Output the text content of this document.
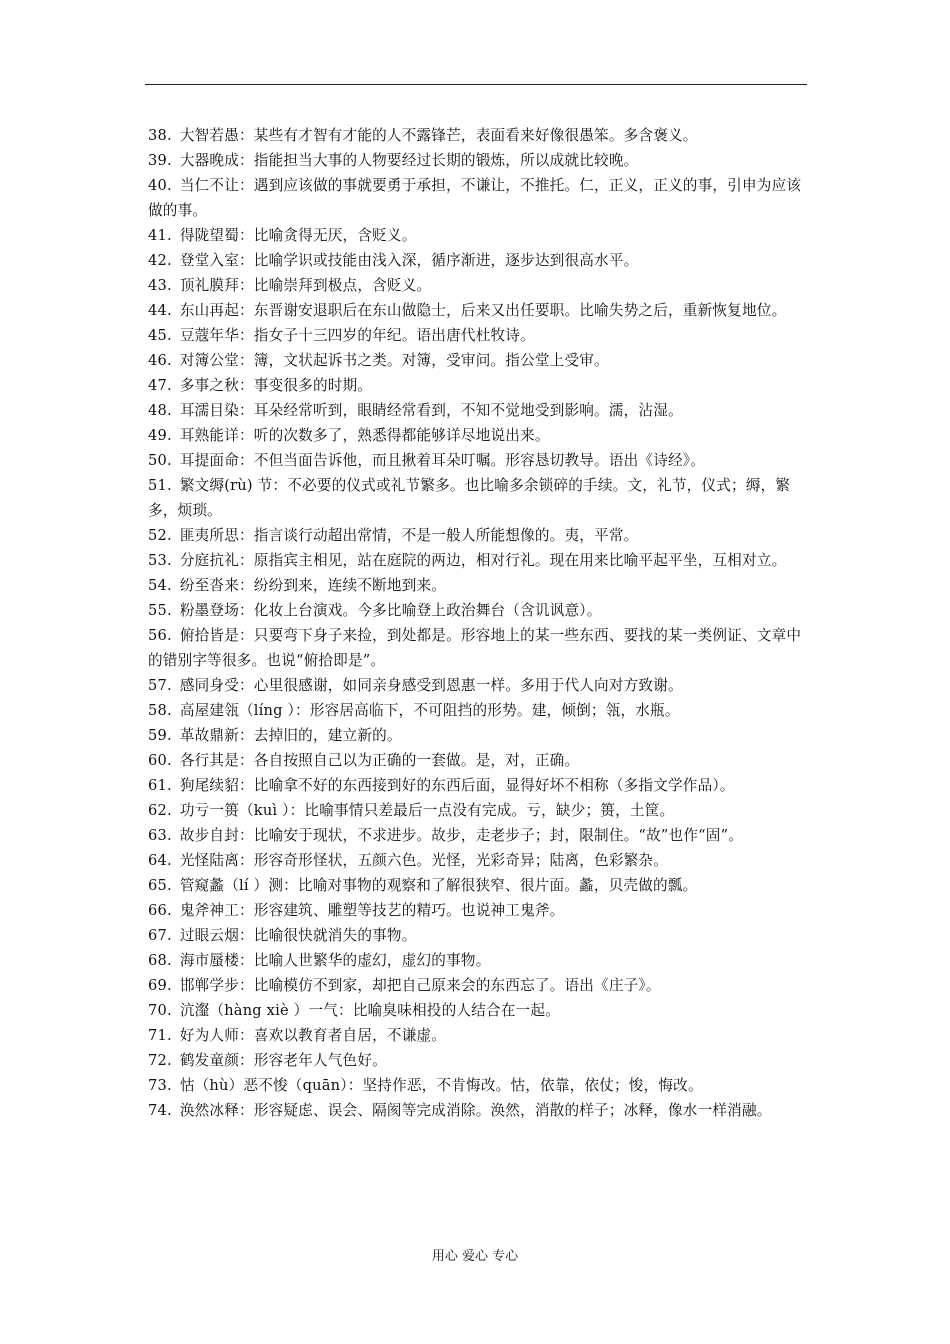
38. 大智若愚：某些有才智有才能的人不露锋芒，表面看来好像很愚笨。多含褒义。

39. 大器晚成：指能担当大事的人物要经过长期的锻炼，所以成就比较晚。

40. 当仁不让：遇到应该做的事就要勇于承担，不谦让，不推托。仁，正义，正义的事，引申为应该做的事。

41. 得陇望蜀：比喻贪得无厌，含贬义。

42. 登堂入室：比喻学识或技能由浅入深，循序渐进，逐步达到很高水平。

43. 顶礼膜拜：比喻崇拜到极点，含贬义。

44. 东山再起：东晋谢安退职后在东山做隐士，后来又出任要职。比喻失势之后，重新恢复地位。

45. 豆蔻年华：指女子十三四岁的年纪。语出唐代杜牧诗。

46. 对簿公堂：簿，文状起诉书之类。对簿，受审问。指公堂上受审。

47. 多事之秋：事变很多的时期。

48. 耳濡目染：耳朵经常听到，眼睛经常看到，不知不觉地受到影响。濡，沾湿。

49. 耳熟能详：听的次数多了，熟悉得都能够详尽地说出来。

50. 耳提面命：不但当面告诉他，而且揪着耳朵叮嘱。形容恳切教导。语出《诗经》。

51. 繁文缛(rù) 节：不必要的仪式或礼节繁多。也比喻多余锁碎的手续。文，礼节，仪式；缛，繁多，烦琐。

52. 匪夷所思：指言谈行动超出常情，不是一般人所能想像的。夷，平常。

53. 分庭抗礼：原指宾主相见，站在庭院的两边，相对行礼。现在用来比喻平起平坐，互相对立。

54. 纷至沓来：纷纷到来，连续不断地到来。

55. 粉墨登场：化妆上台演戏。今多比喻登上政治舞台（含讥讽意）。

56. 俯拾皆是：只要弯下身子来捡，到处都是。形容地上的某一些东西、要找的某一类例证、文章中的错别字等很多。也说“俯拾即是”。

57. 感同身受：心里很感谢，如同亲身感受到恩惠一样。多用于代人向对方致谢。

58. 高屋建瓴（líng ）：形容居高临下，不可阻挡的形势。建，倾倒；瓴，水瓶。

59. 革故鼎新：去掉旧的，建立新的。

60. 各行其是：各自按照自己以为正确的一套做。是，对，正确。

61. 狗尾续貂：比喻拿不好的东西接到好的东西后面，显得好坏不相称（多指文学作品）。

62. 功亏一篑（kuì ）：比喻事情只差最后一点没有完成。亏，缺少；篑，土筐。

63. 故步自封：比喻安于现状，不求进步。故步，走老步子；封，限制住。“故”也作“固”。

64. 光怪陆离：形容奇形怪状，五颜六色。光怪，光彩奇异；陆离，色彩繁杂。

65. 管窥蠡（lí ）测：比喻对事物的观察和了解很狭窄、很片面。蠡，贝壳做的瓢。

66. 鬼斧神工：形容建筑、雕塑等技艺的精巧。也说神工鬼斧。

67. 过眼云烟：比喻很快就消失的事物。

68. 海市蜃楼：比喻人世繁华的虚幻，虚幻的事物。

69. 邯郸学步：比喻模仿不到家，却把自己原来会的东西忘了。语出《庄子》。

70. 沆瀣（hàng xiè ）一气：比喻臭味相投的人结合在一起。

71. 好为人师：喜欢以教育者自居，不谦虚。

72. 鹤发童颜：形容老年人气色好。

73. 怙（hù）恶不悛（quān）：坚持作恶，不肯悔改。怙，依靠，依仗；悛，悔改。

74. 涣然冰释：形容疑虑、误会、隔阂等完成消除。涣然，消散的样子；冰释，像水一样消融。

用心 爱心 专心
